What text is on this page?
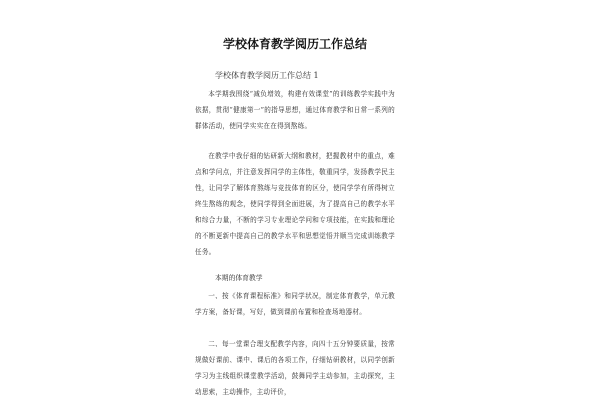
学校体育教学阅历工作总结
学校体育教学阅历工作总结 1

本学期我围绕“减负增效，构建有效课堂”的训练教学实践中为依据，贯彻“健康第一”的指导思想，通过体育教学和日常一系列的群体活动，使同学实实在在得到熬练。

在教学中我仔细的钻研新大纲和教材，把握教材中的重点，难点和学问点，并注意发挥同学的主体性，敬重同学，发扬教学民主性，让同学了解体育熬练与竞技体育的区分，使同学学有所得树立终生熬练的观念，使同学得到全面进展，为了提高自己的教学水平和综合力量，不断的学习专业理论学问和专项技能，在实践和理论的不断更新中提高自己的教学水平和思想觉悟并顺当完成训练教学任务。

本期的体育教学

一、按《体育课程标准》和同学状况，制定体育教学，单元教学方案，备好课，写好，做到课前布置和检查场地器材。

二、每一堂课合理支配教学内容，向四十五分钟要质量，按常规做好课前、课中、课后的各项工作，仔细钻研教材，以同学创新学习为主线组织课堂教学活动，鼓舞同学主动参加，主动探究，主动思索，主动操作，主动评价，
